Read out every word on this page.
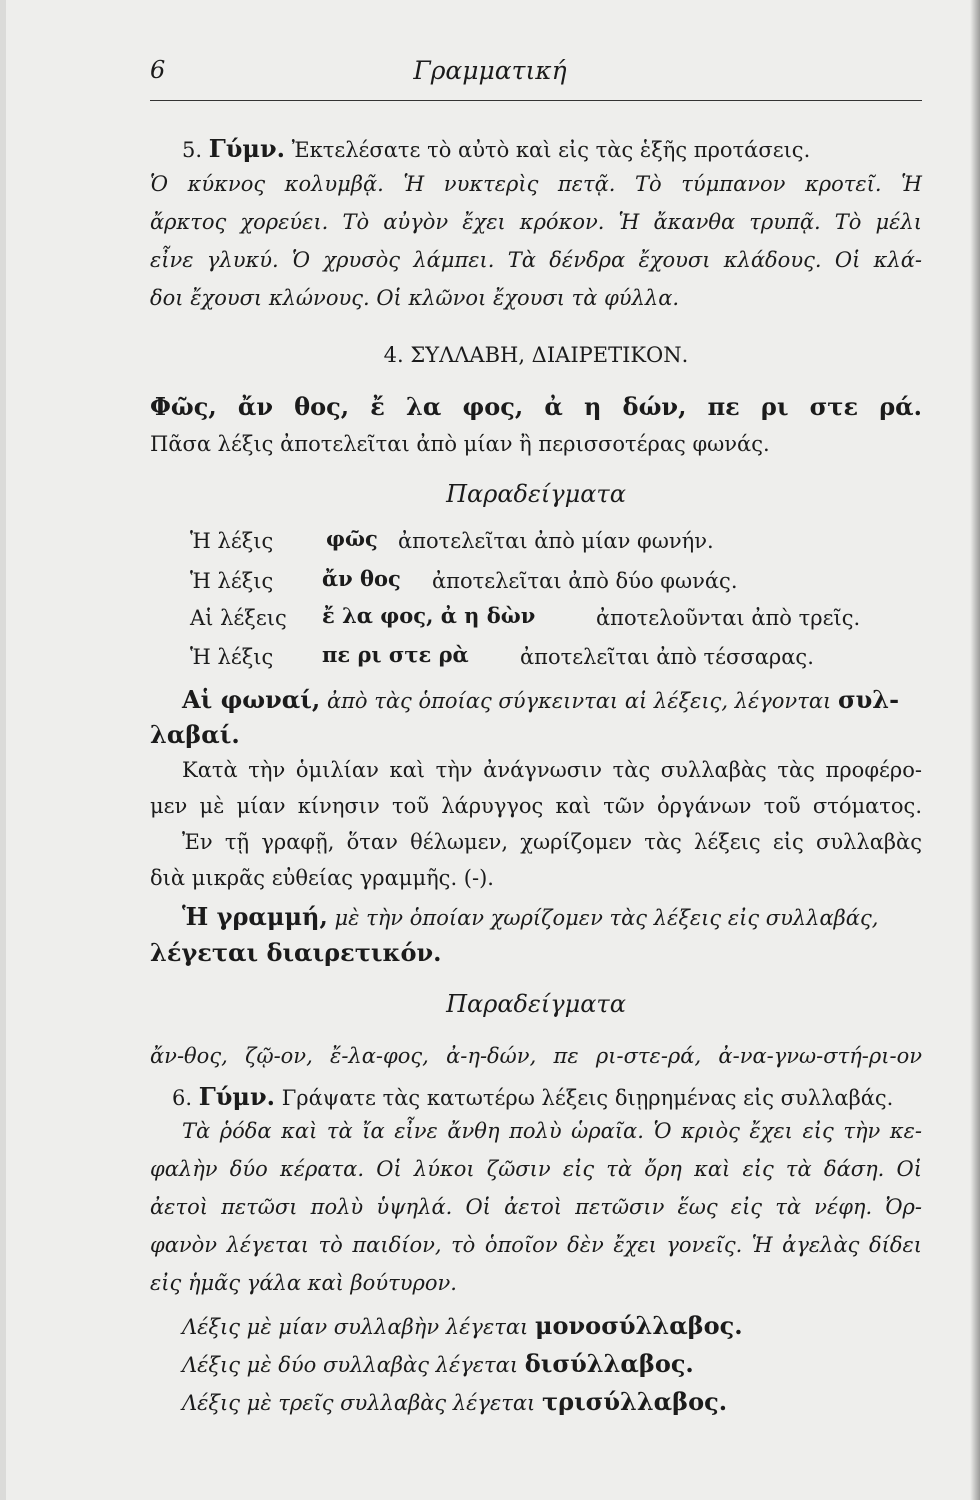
6	Γραμματική
5. Γύμν. Ἐκτελέσατε τὸ αὐτὸ καὶ εἰς τὰς ἑξῆς προτάσεις.
Ὁ κύκνος κολυμβᾷ. Ἡ νυκτερὶς πετᾷ. Τὸ τύμπανον κροτεῖ. Ἡ
ἄρκτος χορεύει. Τὸ αὐγὸν ἔχει κρόκον. Ἡ ἄκανθα τρυπᾷ. Τὸ μέλι
εἶνε γλυκύ. Ὁ χρυσὸς λάμπει. Τὰ δένδρα ἔχουσι κλάδους. Οἱ κλά-
δοι ἔχουσι κλώνους. Οἱ κλῶνοι ἔχουσι τὰ φύλλα.
4. ΣΥΛΛΑΒΗ, ΔΙΑΙΡΕΤΙΚΟΝ.
Φῶς, ἄν θος, ἔ λα φος, ἀ η δών, πε ρι στε ρά.
Πᾶσα λέξις ἀποτελεῖται ἀπὸ μίαν ἢ περισσοτέρας φωνάς.
Παραδείγματα
Ἡ λέξις	φῶς ἀποτελεῖται ἀπὸ μίαν φωνήν.
Ἡ λέξις ἄν θος ἀποτελεῖται ἀπὸ δύο φωνάς.
Αἱ λέξεις ἔ λα φος, ἀ η δὼν	ἀποτελοῦνται ἀπὸ τρεῖς.
Ἡ λέξις πε ρι στε ρὰ ἀποτελεῖται ἀπὸ τέσσαρας.
Αἱ φωναί, ἀπὸ τὰς ὁποίας σύγκεινται αἱ λέξεις, λέγονται συλ-
λαβαί.
Κατὰ τὴν ὁμιλίαν καὶ τὴν ἀνάγνωσιν τὰς συλλαβὰς τὰς προφέρο-
μεν μὲ μίαν κίνησιν τοῦ λάρυγγος καὶ τῶν ὀργάνων τοῦ στόματος.
Ἐν τῇ γραφῇ, ὅταν θέλωμεν, χωρίζομεν τὰς λέξεις εἰς συλλαβὰς
διὰ μικρᾶς εὐθείας γραμμῆς. (-).
Ἡ γραμμή, μὲ τὴν ὁποίαν χωρίζομεν τὰς λέξεις εἰς συλλαβάς,
λέγεται διαιρετικόν.
Παραδείγματα
ἄν-θος, ζῷ-ον, ἔ-λα-φος, ἀ-η-δών, πε ρι-στε-ρά, ἀ-να-γνω-στή-ρι-ον
6. Γύμν. Γράψατε τὰς κατωτέρω λέξεις διῃρημένας εἰς συλλαβάς.
Τὰ ῥόδα καὶ τὰ ἴα εἶνε ἄνθη πολὺ ὡραῖα. Ὁ κριὸς ἔχει εἰς τὴν κε-
φαλὴν δύο κέρατα. Οἱ λύκοι ζῶσιν εἰς τὰ ὄρη καὶ εἰς τὰ δάση. Οἱ
ἀετοὶ πετῶσι πολὺ ὑψηλά. Οἱ ἀετοὶ πετῶσιν ἕως εἰς τὰ νέφη. Ὀρ-
φανὸν λέγεται τὸ παιδίον, τὸ ὁποῖον δὲν ἔχει γονεῖς. Ἡ ἀγελὰς δίδει
εἰς ἡμᾶς γάλα καὶ βούτυρον.
Λέξις μὲ μίαν συλλαβὴν λέγεται μονοσύλλαβος.
Λέξις μὲ δύο συλλαβὰς λέγεται δισύλλαβος.
Λέξις μὲ τρεῖς συλλαβὰς λέγεται τρισύλλαβος.
